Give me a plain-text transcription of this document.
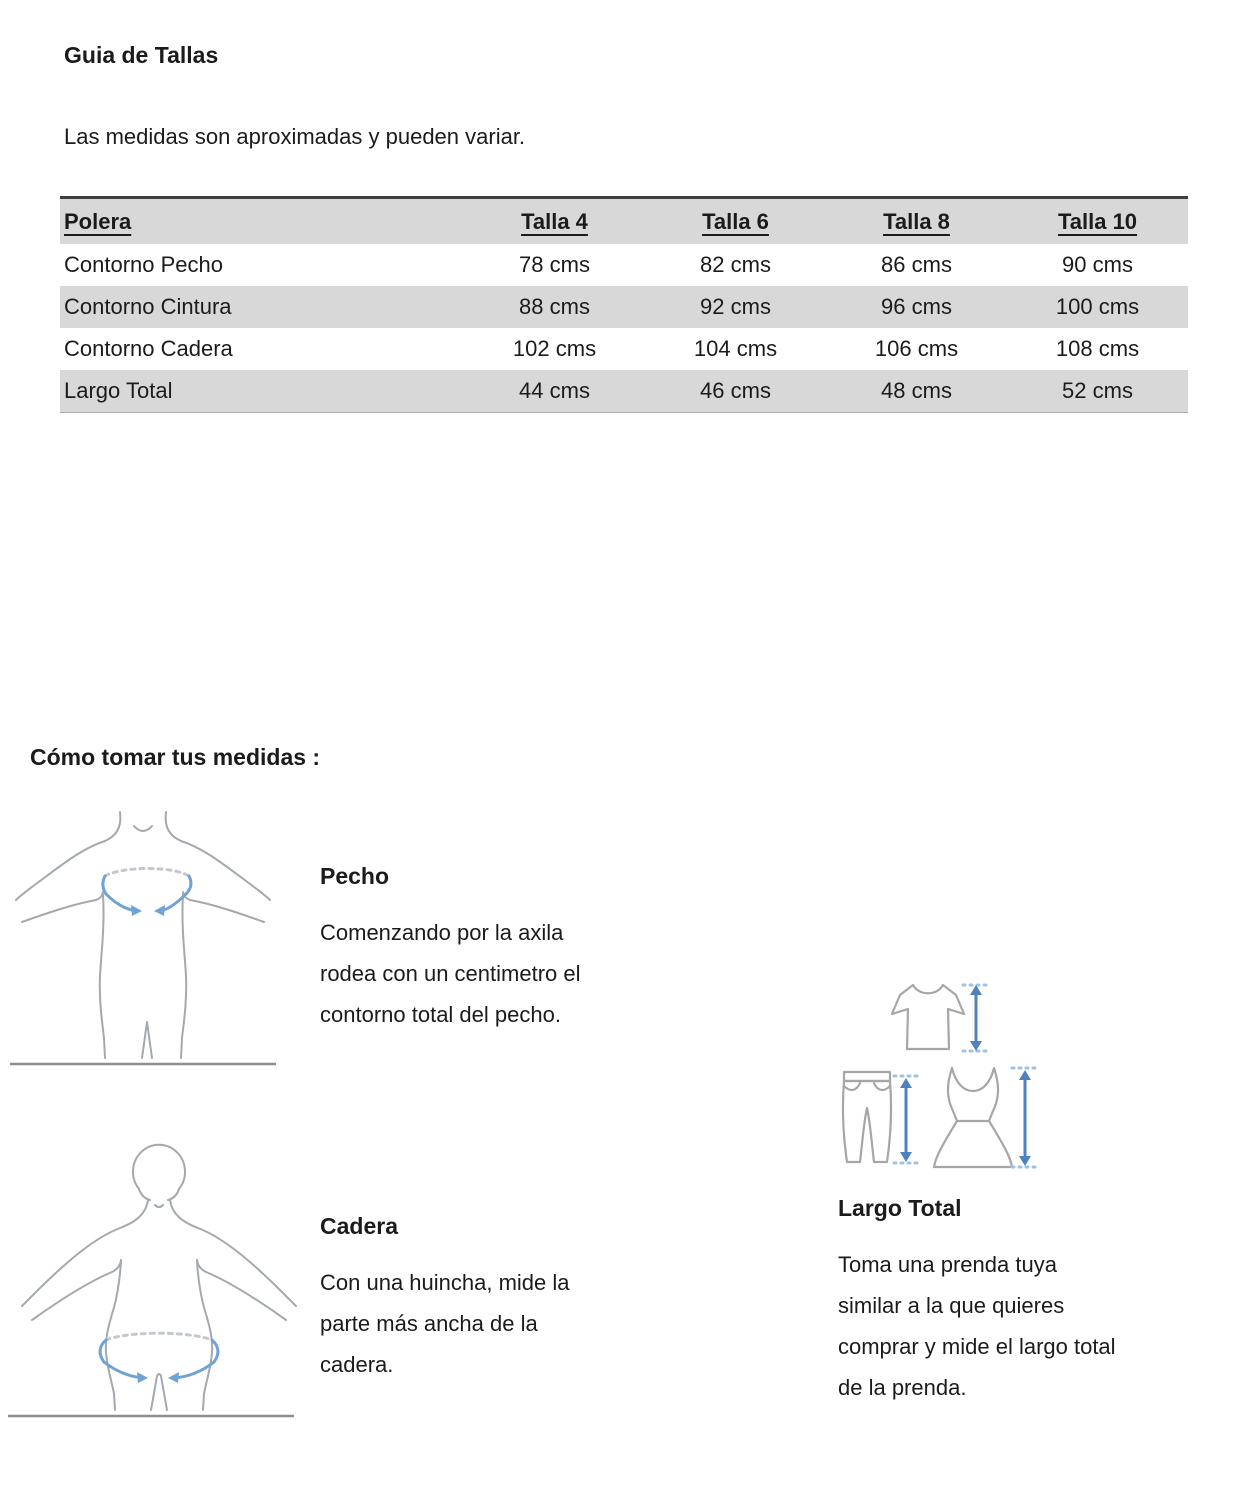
Guia de Tallas
Las medidas son aproximadas y pueden variar.
Polera	Talla 4	Talla 6	Talla 8	Talla 10
Contorno Pecho	78 cms	82 cms	86 cms	90 cms
Contorno Cintura	88 cms	92 cms	96 cms	100 cms
Contorno Cadera	102 cms	104 cms	106 cms	108 cms
Largo Total	44 cms	46 cms	48 cms	52 cms
Cómo tomar tus medidas :
Pecho
Comenzando por la axila
rodea con un centimetro el
contorno total del pecho.
Largo Total
Toma una prenda tuya
similar a la que quieres
comprar y mide el largo total
de la prenda.
Cadera
Con una huincha, mide la
parte más ancha de la
cadera.
